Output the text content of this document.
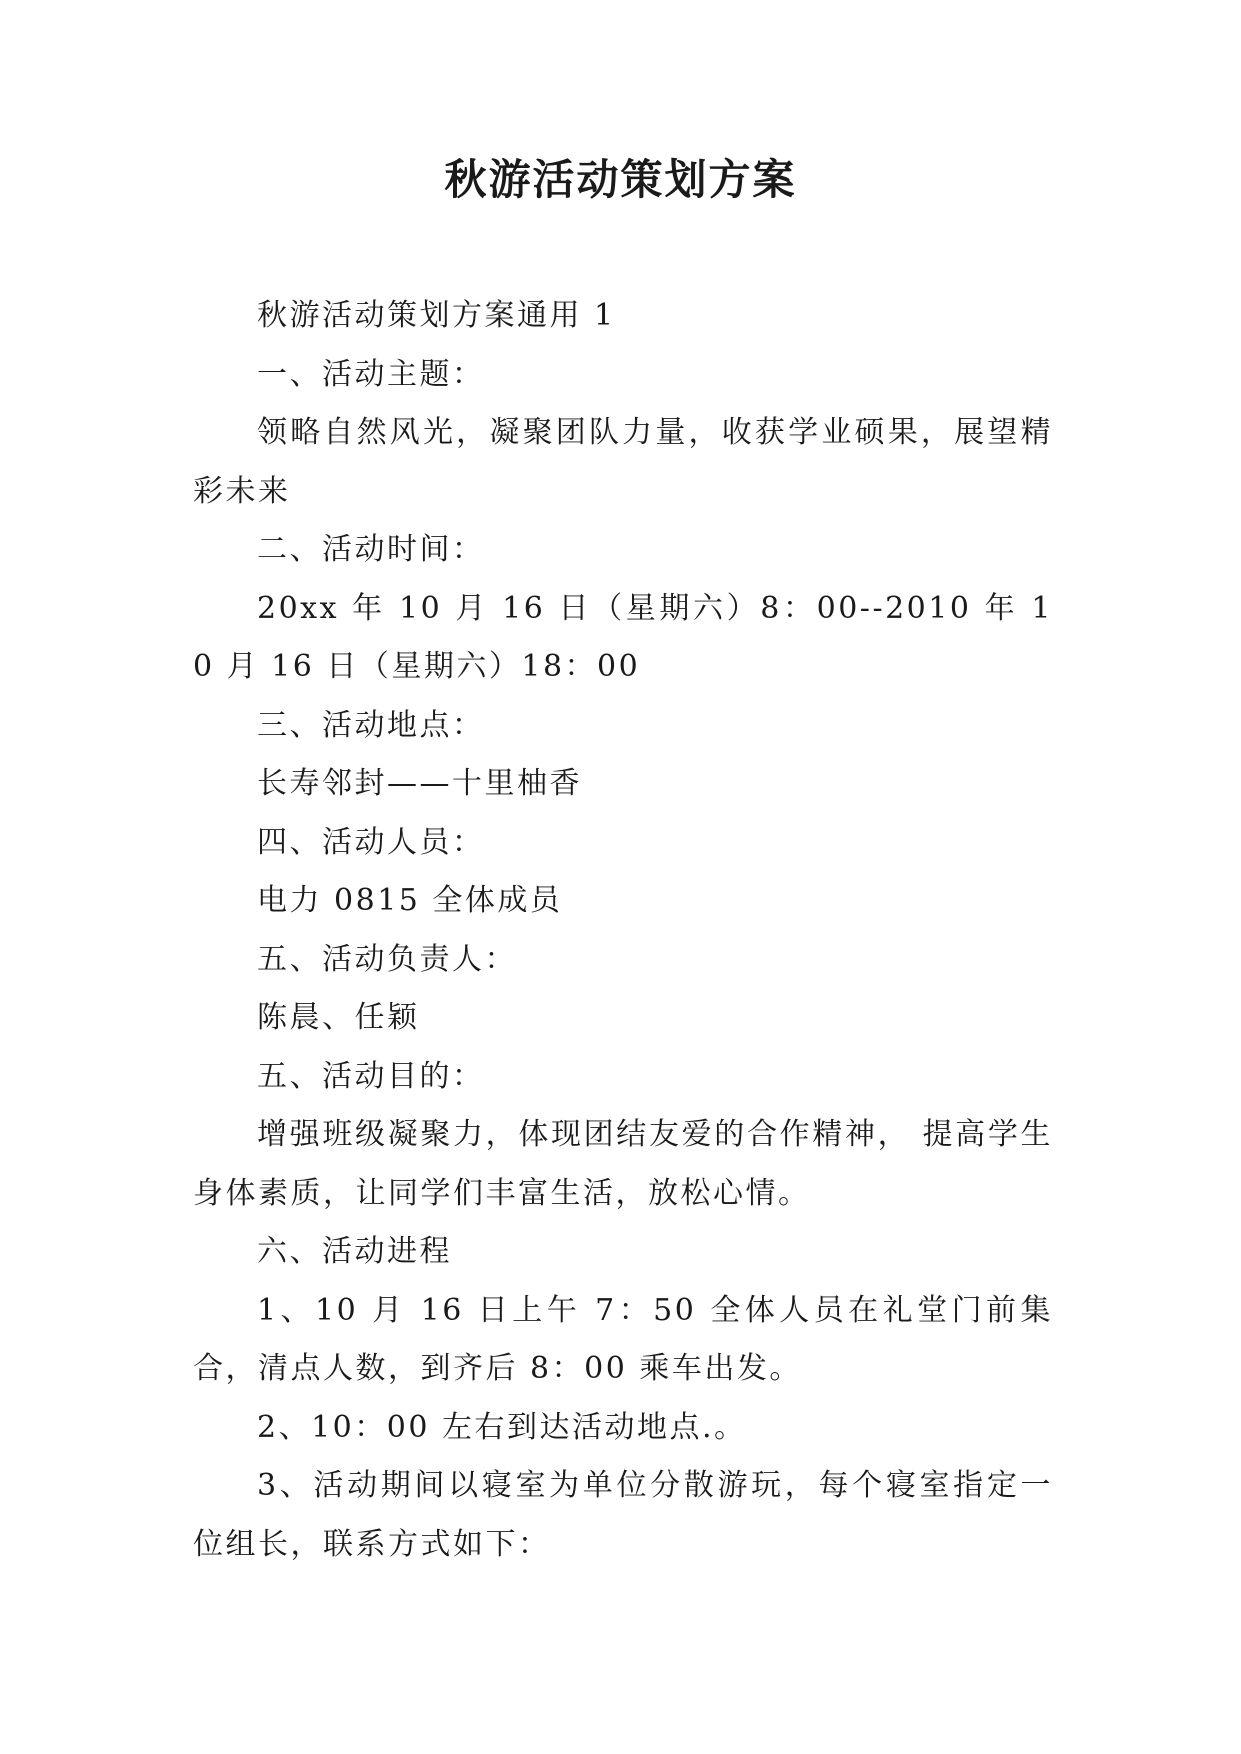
秋游活动策划方案

秋游活动策划方案通用 1

一、活动主题：

领略自然风光，凝聚团队力量，收获学业硕果，展望精彩未来

二、活动时间：

20xx 年 10 月 16 日（星期六）8：00--2010 年 10 月 16 日（星期六）18：00

三、活动地点：

长寿邻封——十里柚香

四、活动人员：

电力 0815 全体成员

五、活动负责人：

陈晨、任颖

五、活动目的：

增强班级凝聚力，体现团结友爱的合作精神， 提高学生身体素质，让同学们丰富生活，放松心情。

六、活动进程

1、10 月 16 日上午 7：50 全体人员在礼堂门前集合，清点人数，到齐后 8：00 乘车出发。

2、10：00 左右到达活动地点.。

3、活动期间以寝室为单位分散游玩，每个寝室指定一位组长，联系方式如下：
